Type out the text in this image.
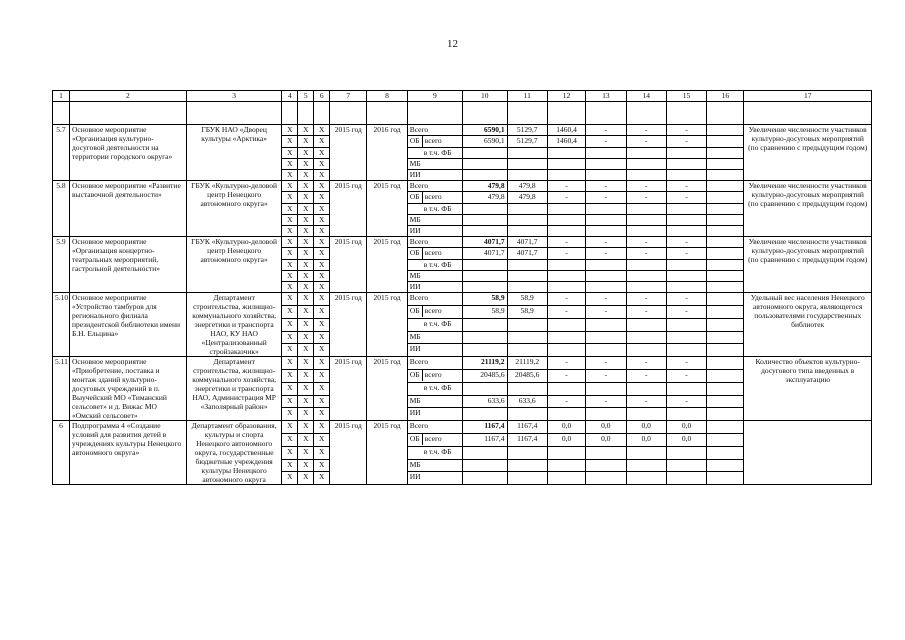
12
1	2	3	4	5	6	7	8	9	10	11	12	13	14	15	16	17

5.7	Основное мероприятие «Организация культурно-досуговой деятельности на территории городского округа»	ГБУК НАО «Дворец культуры «Арктика»	Х	Х	Х	2015 год	2016 год	Всего	6590,1	5129,7	1460,4	-	-	-		Увеличение численности участников культурно-досуговых мероприятий (по сравнению с предыдущим годом)
			Х	Х	Х			ОБ всего	6590,1	5129,7	1460,4	-	-	-		
			Х	Х	Х			в т.ч. ФБ								
			Х	Х	Х			МБ								
			Х	Х	Х			ИИ								
5.8	Основное мероприятие «Развитие выставочной деятельности»	ГБУК «Культурно-деловой центр Ненецкого автономного округа»	Х	Х	Х	2015 год	2015 год	Всего	479,8	479,8	-	-	-	-		Увеличение численности участников культурно-досуговых мероприятий (по сравнению с предыдущим годом)
			Х	Х	Х			ОБ всего	479,8	479,8	-	-	-	-		
			Х	Х	Х			в т.ч. ФБ								
			Х	Х	Х			МБ								
			Х	Х	Х			ИИ								
5.9	Основное мероприятие «Организация концертно-театральных мероприятий, гастрольной деятельности»	ГБУК «Культурно-деловой центр Ненецкого автономного округа»	Х	Х	Х	2015 год	2015 год	Всего	4071,7	4071,7	-	-	-	-		Увеличение численности участников культурно-досуговых мероприятий (по сравнению с предыдущим годом)
			Х	Х	Х			ОБ всего	4071,7	4071,7	-	-	-	-		
			Х	Х	Х			в т.ч. ФБ								
			Х	Х	Х			МБ								
			Х	Х	Х			ИИ								
5.10	Основное мероприятие «Устройство тамбуров для регионального филиала президентской библиотеки имени Б.Н. Ельцина»	Департамент строительства, жилищно-коммунального хозяйства, энергетики и транспорта НАО, КУ НАО «Централизованный стройзаказчик»	Х	Х	Х	2015 год	2015 год	Всего	58,9	58,9	-	-	-	-		Удельный вес населения Ненецкого автономного округа, являющегося пользователями государственных библиотек
			Х	Х	Х			ОБ всего	58,9	58,9	-	-	-	-		
			Х	Х	Х			в т.ч. ФБ								
			Х	Х	Х			МБ								
			Х	Х	Х			ИИ								
5.11	Основное мероприятие «Приобретение, поставка и монтаж зданий культурно-досуговых учреждений в п. Выучейский МО «Тиманский сельсовет» и д. Вижас МО «Омский сельсовет»	Департамент строительства, жилищно-коммунального хозяйства, энергетики и транспорта НАО, Администрация МР «Заполярный район»	Х	Х	Х	2015 год	2015 год	Всего	21119,2	21119,2	-	-	-	-		Количество объектов культурно-досугового типа введенных в эксплуатацию
			Х	Х	Х			ОБ всего	20485,6	20485,6	-	-	-	-		
			Х	Х	Х			в т.ч. ФБ								
			Х	Х	Х			МБ	633,6	633,6	-	-	-	-		
			Х	Х	Х			ИИ								
6	Подпрограмма 4 «Создание условий для развития детей в учреждениях культуры Ненецкого автономного округа»	Департамент образования, культуры и спорта Ненецкого автономного округа, государственные бюджетные учреждения культуры Ненецкого автономного округа	Х	Х	Х	2015 год	2015 год	Всего	1167,4	1167,4	0,0	0,0	0,0	0,0		
			Х	Х	Х			ОБ всего	1167,4	1167,4	0,0	0,0	0,0	0,0		
			Х	Х	Х			в т.ч. ФБ								
			Х	Х	Х			МБ								
			Х	Х	Х			ИИ								
